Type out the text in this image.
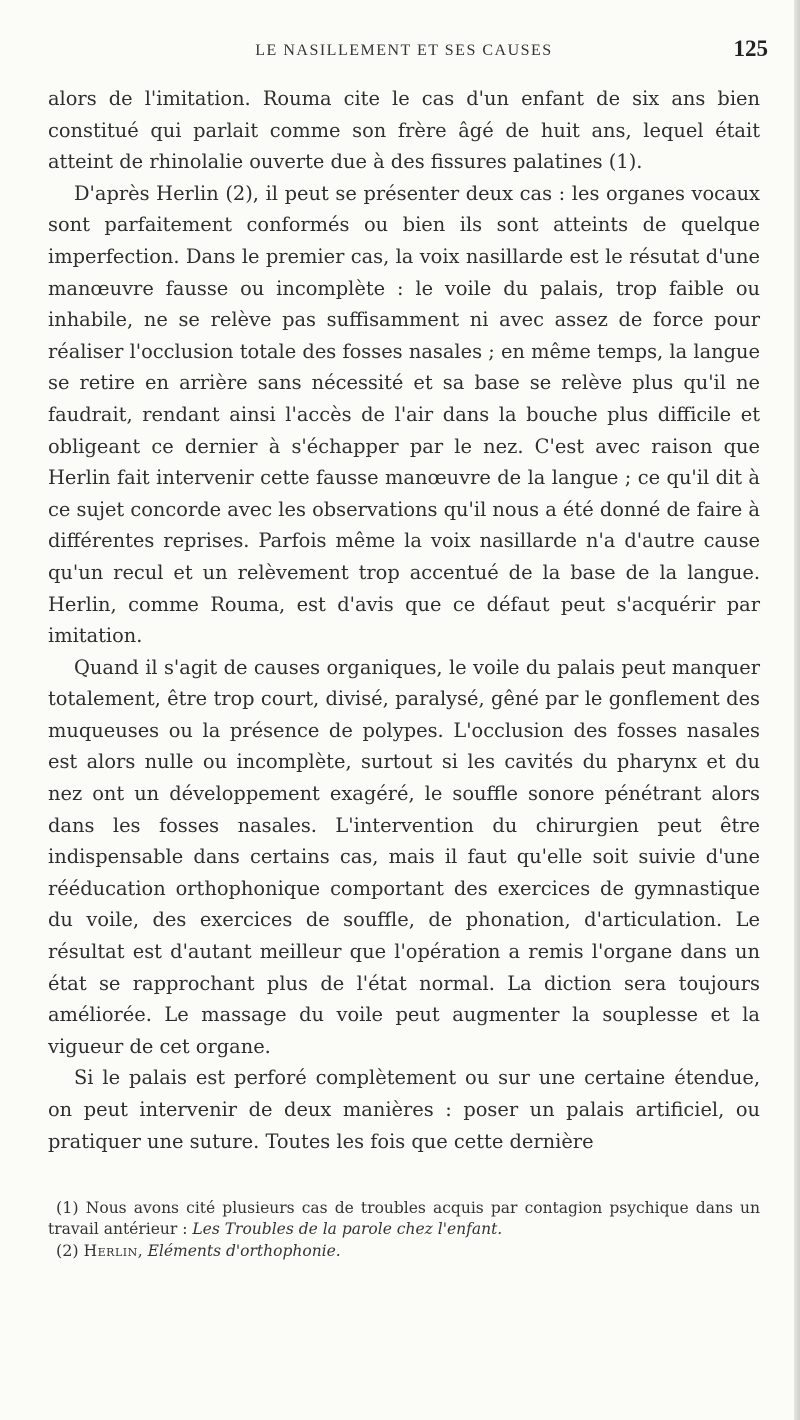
LE NASILLEMENT ET SES CAUSES	125

alors de l'imitation. Rouma cite le cas d'un enfant de six ans bien constitué qui parlait comme son frère âgé de huit ans, lequel était atteint de rhinolalie ouverte due à des fissures palatines (1).

D'après Herlin (2), il peut se présenter deux cas : les organes vocaux sont parfaitement conformés ou bien ils sont atteints de quelque imperfection. Dans le premier cas, la voix nasillarde est le résutat d'une manœuvre fausse ou incomplète : le voile du palais, trop faible ou inhabile, ne se relève pas suffisamment ni avec assez de force pour réaliser l'occlusion totale des fosses nasales ; en même temps, la langue se retire en arrière sans nécessité et sa base se relève plus qu'il ne faudrait, rendant ainsi l'accès de l'air dans la bouche plus difficile et obligeant ce dernier à s'échapper par le nez. C'est avec raison que Herlin fait intervenir cette fausse manœuvre de la langue ; ce qu'il dit à ce sujet concorde avec les observations qu'il nous a été donné de faire à différentes reprises. Parfois même la voix nasillarde n'a d'autre cause qu'un recul et un relèvement trop accentué de la base de la langue. Herlin, comme Rouma, est d'avis que ce défaut peut s'acquérir par imitation.

Quand il s'agit de causes organiques, le voile du palais peut manquer totalement, être trop court, divisé, paralysé, gêné par le gonflement des muqueuses ou la présence de polypes. L'occlusion des fosses nasales est alors nulle ou incomplète, surtout si les cavités du pharynx et du nez ont un développement exagéré, le souffle sonore pénétrant alors dans les fosses nasales. L'intervention du chirurgien peut être indispensable dans certains cas, mais il faut qu'elle soit suivie d'une rééducation orthophonique comportant des exercices de gymnastique du voile, des exercices de souffle, de phonation, d'articulation. Le résultat est d'autant meilleur que l'opération a remis l'organe dans un état se rapprochant plus de l'état normal. La diction sera toujours améliorée. Le massage du voile peut augmenter la souplesse et la vigueur de cet organe.

Si le palais est perforé complètement ou sur une certaine étendue, on peut intervenir de deux manières : poser un palais artificiel, ou pratiquer une suture. Toutes les fois que cette dernière

(1) Nous avons cité plusieurs cas de troubles acquis par contagion psychique dans un travail antérieur : Les Troubles de la parole chez l'enfant.

(2) Herlin, Eléments d'orthophonie.
